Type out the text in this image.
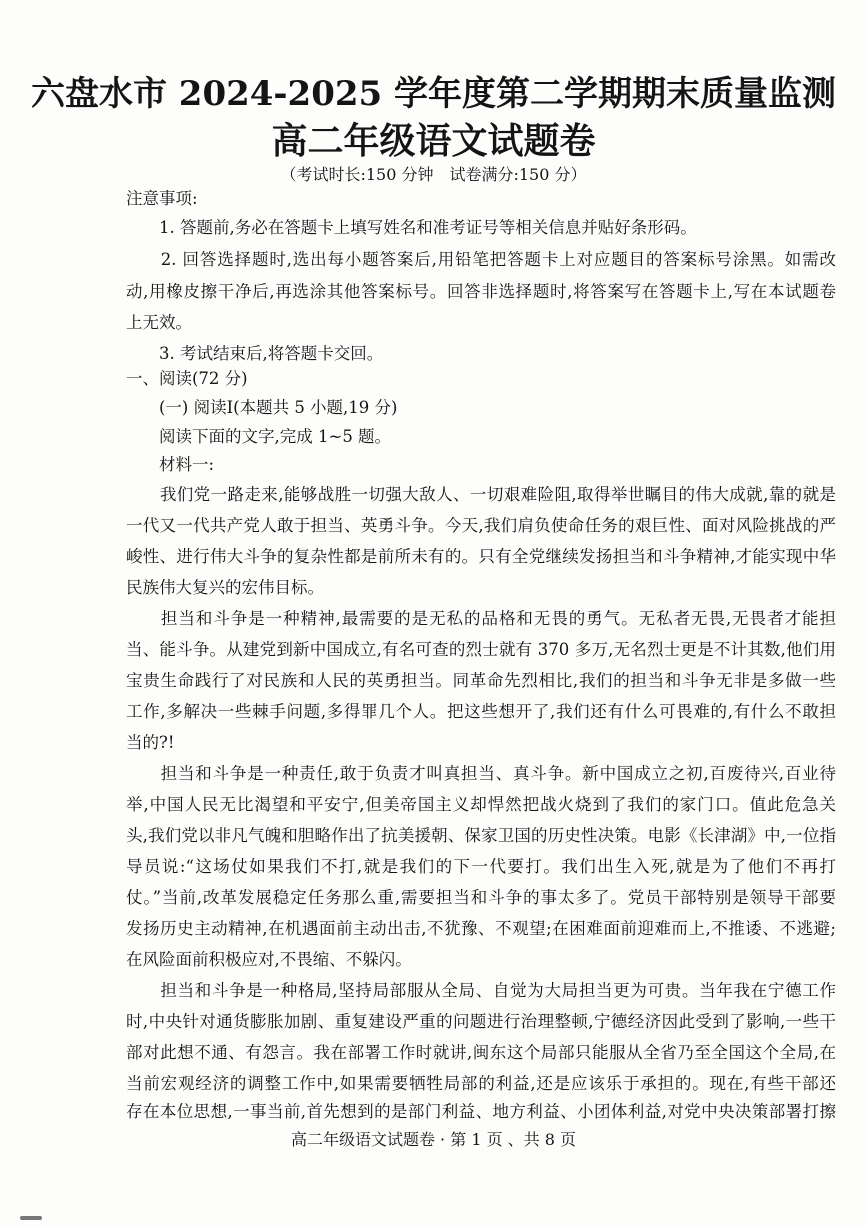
六盘水市 2024-2025 学年度第二学期期末质量监测
高二年级语文试题卷
（考试时长:150 分钟　试卷满分:150 分）
注意事项:
　　1. 答题前,务必在答题卡上填写姓名和准考证号等相关信息并贴好条形码。
　　2. 回答选择题时,选出每小题答案后,用铅笔把答题卡上对应题目的答案标号涂黑。如需改
动,用橡皮擦干净后,再选涂其他答案标号。回答非选择题时,将答案写在答题卡上,写在本试题卷
上无效。
　　3. 考试结束后,将答题卡交回。
一、阅读(72 分)
　　(一) 阅读Ⅰ(本题共 5 小题,19 分)
　　阅读下面的文字,完成 1~5 题。
　　材料一:
　　我们党一路走来,能够战胜一切强大敌人、一切艰难险阻,取得举世瞩目的伟大成就,靠的就是
一代又一代共产党人敢于担当、英勇斗争。今天,我们肩负使命任务的艰巨性、面对风险挑战的严
峻性、进行伟大斗争的复杂性都是前所未有的。只有全党继续发扬担当和斗争精神,才能实现中华
民族伟大复兴的宏伟目标。
　　担当和斗争是一种精神,最需要的是无私的品格和无畏的勇气。无私者无畏,无畏者才能担
当、能斗争。从建党到新中国成立,有名可查的烈士就有 370 多万,无名烈士更是不计其数,他们用
宝贵生命践行了对民族和人民的英勇担当。同革命先烈相比,我们的担当和斗争无非是多做一些
工作,多解决一些棘手问题,多得罪几个人。把这些想开了,我们还有什么可畏难的,有什么不敢担
当的?!
　　担当和斗争是一种责任,敢于负责才叫真担当、真斗争。新中国成立之初,百废待兴,百业待
举,中国人民无比渴望和平安宁,但美帝国主义却悍然把战火烧到了我们的家门口。值此危急关
头,我们党以非凡气魄和胆略作出了抗美援朝、保家卫国的历史性决策。电影《长津湖》中,一位指
导员说:“这场仗如果我们不打,就是我们的下一代要打。我们出生入死,就是为了他们不再打
仗。”当前,改革发展稳定任务那么重,需要担当和斗争的事太多了。党员干部特别是领导干部要
发扬历史主动精神,在机遇面前主动出击,不犹豫、不观望;在困难面前迎难而上,不推诿、不逃避;
在风险面前积极应对,不畏缩、不躲闪。
　　担当和斗争是一种格局,坚持局部服从全局、自觉为大局担当更为可贵。当年我在宁德工作
时,中央针对通货膨胀加剧、重复建设严重的问题进行治理整顿,宁德经济因此受到了影响,一些干
部对此想不通、有怨言。我在部署工作时就讲,闽东这个局部只能服从全省乃至全国这个全局,在
当前宏观经济的调整工作中,如果需要牺牲局部的利益,还是应该乐于承担的。现在,有些干部还
存在本位思想,一事当前,首先想到的是部门利益、地方利益、小团体利益,对党中央决策部署打擦
高二年级语文试题卷 · 第 1 页 、共 8 页
